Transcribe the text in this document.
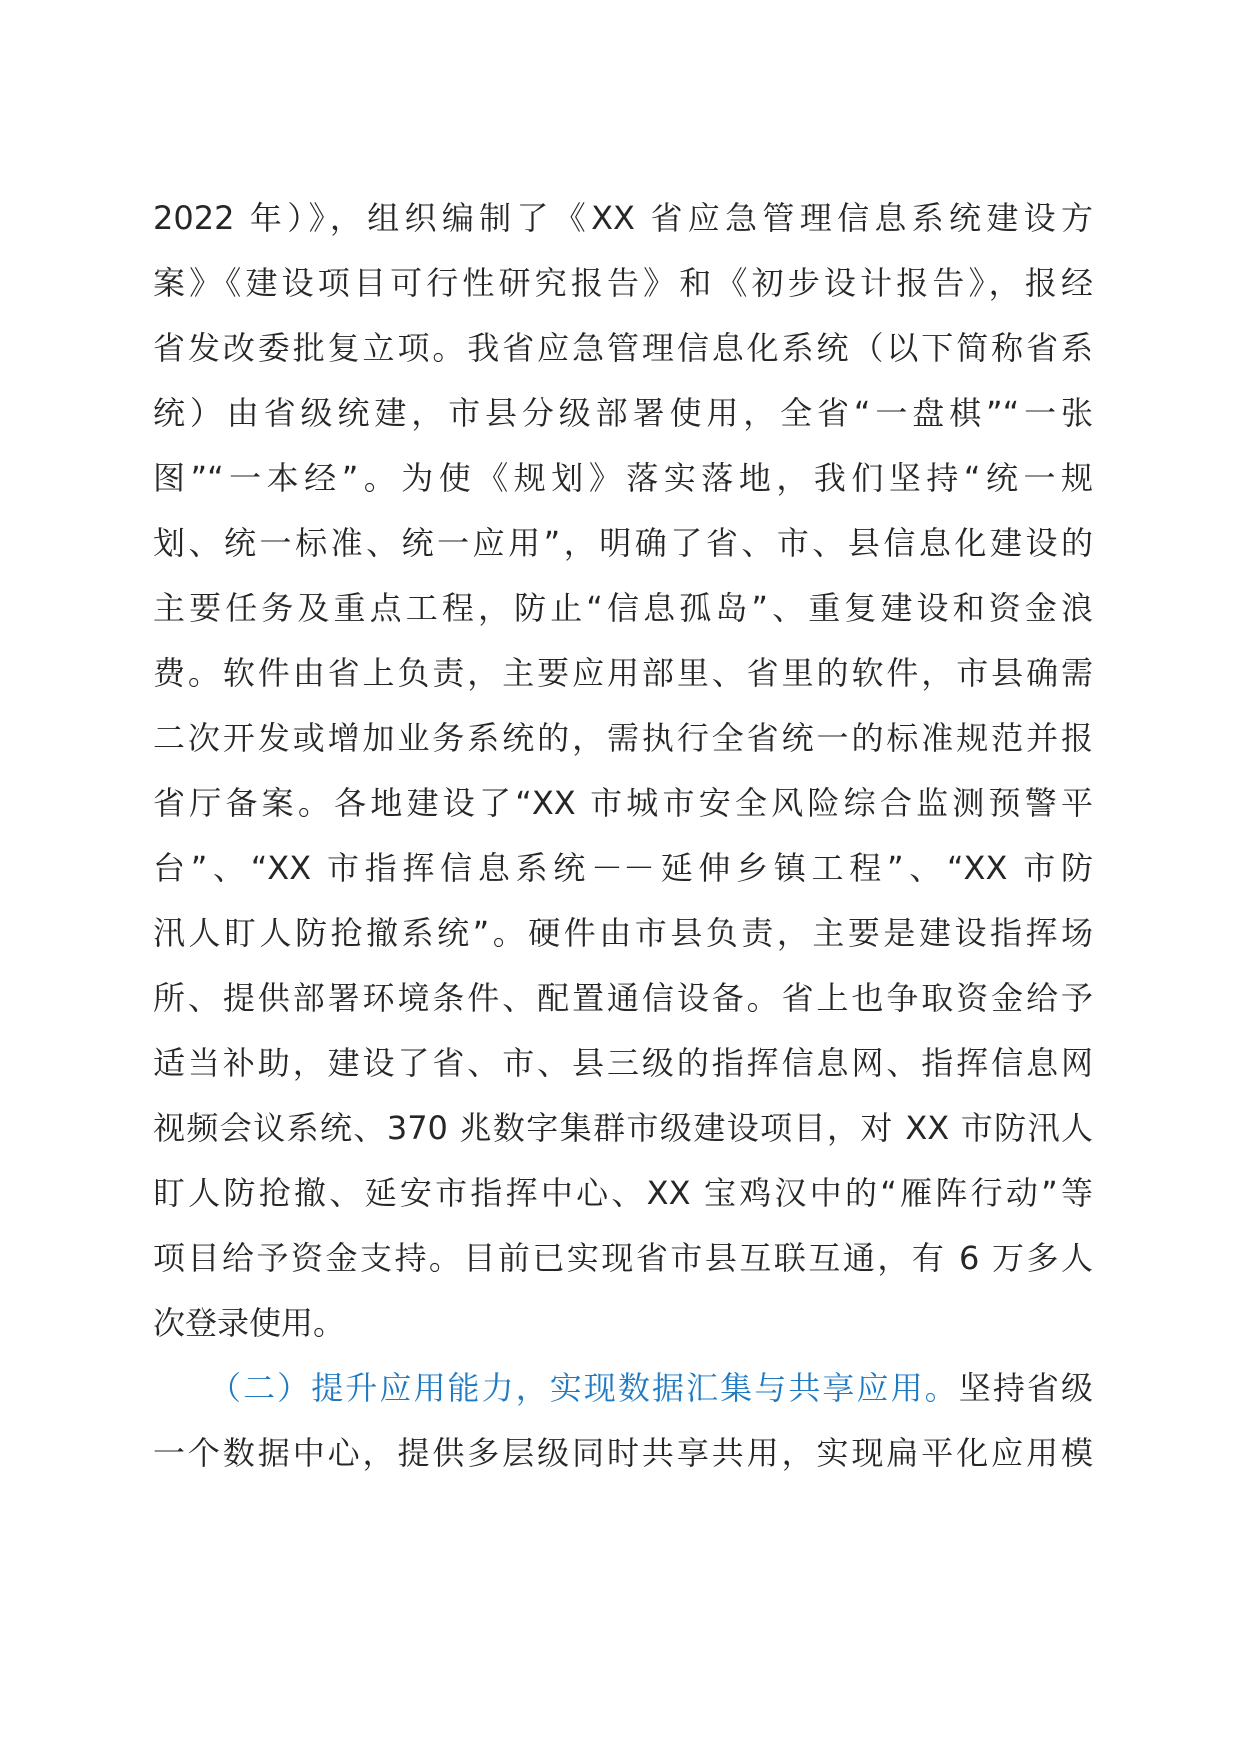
2022 年）》，组织编制了《XX 省应急管理信息系统建设方
案》《建设项目可行性研究报告》和《初步设计报告》，报经
省发改委批复立项。我省应急管理信息化系统（以下简称省系
统）由省级统建，市县分级部署使用，全省“一盘棋”“一张
图”“一本经”。为使《规划》落实落地，我们坚持“统一规
划、统一标准、统一应用”，明确了省、市、县信息化建设的
主要任务及重点工程，防止“信息孤岛”、重复建设和资金浪
费。软件由省上负责，主要应用部里、省里的软件，市县确需
二次开发或增加业务系统的，需执行全省统一的标准规范并报
省厅备案。各地建设了“XX 市城市安全风险综合监测预警平
台”、“XX 市指挥信息系统－－延伸乡镇工程”、“XX 市防
汛人盯人防抢撤系统”。硬件由市县负责，主要是建设指挥场
所、提供部署环境条件、配置通信设备。省上也争取资金给予
适当补助，建设了省、市、县三级的指挥信息网、指挥信息网
视频会议系统、370 兆数字集群市级建设项目，对 XX 市防汛人
盯人防抢撤、延安市指挥中心、XX 宝鸡汉中的“雁阵行动”等
项目给予资金支持。目前已实现省市县互联互通，有 6 万多人
次登录使用。
（二）提升应用能力，实现数据汇集与共享应用。坚持省级
一个数据中心，提供多层级同时共享共用，实现扁平化应用模
